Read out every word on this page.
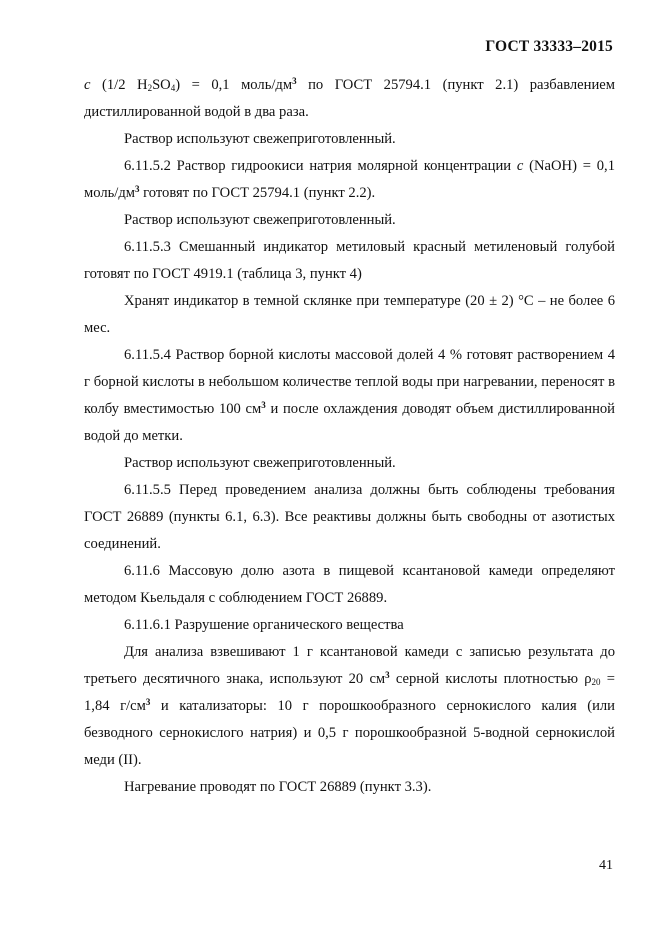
ГОСТ 33333–2015

c (1/2 $H_2SO_4) = 0,1$ моль/$дм^3$ по ГОСТ 25794.1 (пункт 2.1) разбавлением дистиллированной водой в два раза.

Раствор используют свежеприготовленный.

6.11.5.2 Раствор гидроокиси натрия молярной концентрации c (NaOH) = 0,1 моль/$дм^3$ готовят по ГОСТ 25794.1 (пункт 2.2).

Раствор используют свежеприготовленный.

6.11.5.3 Смешанный индикатор метиловый красный метиленовый голубой готовят по ГОСТ 4919.1 (таблица 3, пункт 4)

Хранят индикатор в темной склянке при температуре (20 ± 2) °С – не более 6 мес.

6.11.5.4 Раствор борной кислоты массовой долей 4 % готовят растворением 4 г борной кислоты в небольшом количестве теплой воды при нагревании, переносят в колбу вместимостью 100 $см^3$ и после охлаждения доводят объем дистиллированной водой до метки.

Раствор используют свежеприготовленный.

6.11.5.5 Перед проведением анализа должны быть соблюдены требования ГОСТ 26889 (пункты 6.1, 6.3). Все реактивы должны быть свободны от азотистых соединений.

6.11.6 Массовую долю азота в пищевой ксантановой камеди определяют методом Кьельдаля с соблюдением ГОСТ 26889.

6.11.6.1 Разрушение органического вещества

Для анализа взвешивают 1 г ксантановой камеди с записью результата до третьего десятичного знака, используют 20 $см^3$ серной кислоты плотностью $\rho_{20} = 1,84$ $г/см^3$ и катализаторы: 10 г порошкообразного сернокислого калия (или безводного сернокислого натрия) и 0,5 г порошкообразной 5-водной сернокислой меди (II).

Нагревание проводят по ГОСТ 26889 (пункт 3.3).

41
